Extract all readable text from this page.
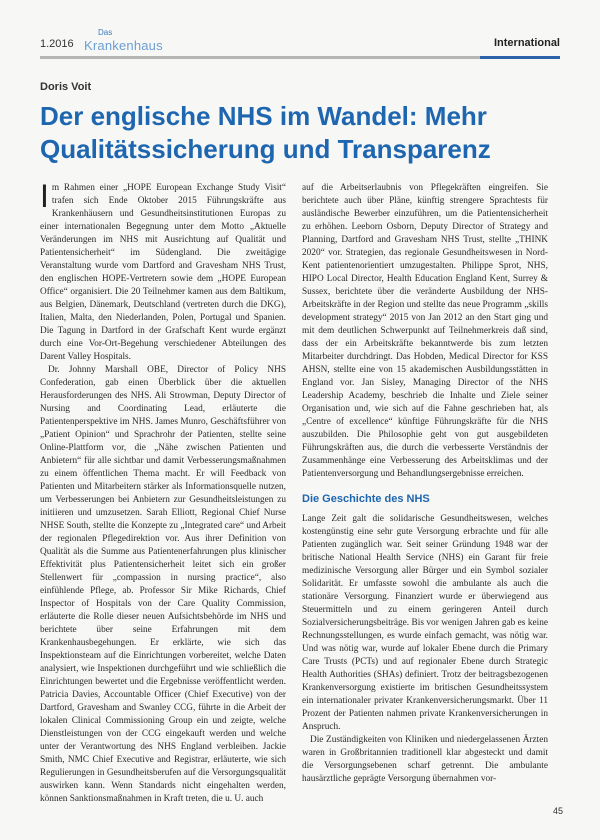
1.2016
Das
Krankenhaus	International
Doris Voit
Der englische NHS im Wandel: Mehr Qualitätssicherung und Transparenz

Im Rahmen einer „HOPE European Exchange Study Visit“ trafen sich Ende Oktober 2015 Führungskräfte aus Krankenhäusern und Gesundheitsinstitutionen Europas zu einer internationalen Begegnung unter dem Motto „Aktuelle Veränderungen im NHS mit Ausrichtung auf Qualität und Patientensicherheit“ im Südengland. Die zweitägige Veranstaltung wurde vom Dartford and Gravesham NHS Trust, den englischen HOPE-Vertretern sowie dem „HOPE European Office“ organisiert. Die 20 Teilnehmer kamen aus dem Baltikum, aus Belgien, Dänemark, Deutschland (vertreten durch die DKG), Italien, Malta, den Niederlanden, Polen, Portugal und Spanien. Die Tagung in Dartford in der Grafschaft Kent wurde ergänzt durch eine Vor-Ort-Begehung verschiedener Abteilungen des Darent Valley Hospitals.

Dr. Johnny Marshall OBE, Director of Policy NHS Confederation, gab einen Überblick über die aktuellen Herausforderungen des NHS. Ali Strowman, Deputy Director of Nursing and Coordinating Lead, erläuterte die Patientenperspektive im NHS. James Munro, Geschäftsführer von „Patient Opinion“ und Sprachrohr der Patienten, stellte seine Online-Plattform vor, die „Nähe zwischen Patienten und Anbietern“ für alle sichtbar und damit Verbesserungsmaßnahmen zu einem öffentlichen Thema macht. Er will Feedback von Patienten und Mitarbeitern stärker als Informationsquelle nutzen, um Verbesserungen bei Anbietern zur Gesundheitsleistungen zu initiieren und umzusetzen. Sarah Elliott, Regional Chief Nurse NHSE South, stellte die Konzepte zu „Integrated care“ und Arbeit der regionalen Pflegedirektion vor. Aus ihrer Definition von Qualität als die Summe aus Patientenerfahrungen plus klinischer Effektivität plus Patientensicherheit leitet sich ein großer Stellenwert für „compassion in nursing practice“, also einfühlende Pflege, ab. Professor Sir Mike Richards, Chief Inspector of Hospitals von der Care Quality Commission, erläuterte die Rolle dieser neuen Aufsichtsbehörde im NHS und berichtete über seine Erfahrungen mit dem Krankenhausbegehungen. Er erklärte, wie sich das Inspektionsteam auf die Einrichtungen vorbereitet, welche Daten analysiert, wie Inspektionen durchgeführt und wie schließlich die Einrichtungen bewertet und die Ergebnisse veröffentlicht werden. Patricia Davies, Accountable Officer (Chief Executive) von der Dartford, Gravesham and Swanley CCG, führte in die Arbeit der lokalen Clinical Commissioning Group ein und zeigte, welche Dienstleistungen von der CCG eingekauft werden und welche unter der Verantwortung des NHS England verbleiben. Jackie Smith, NMC Chief Executive and Registrar, erläuterte, wie sich Regulierungen in Gesundheitsberufen auf die Versorgungsqualität auswirken kann. Wenn Standards nicht eingehalten werden, können Sanktionsmaßnahmen in Kraft treten, die u. U. auch

auf die Arbeitserlaubnis von Pflegekräften eingreifen. Sie berichtete auch über Pläne, künftig strengere Sprachtests für ausländische Bewerber einzuführen, um die Patientensicherheit zu erhöhen. Leeborn Osborn, Deputy Director of Strategy and Planning, Dartford and Gravesham NHS Trust, stellte „THINK 2020“ vor. Strategien, das regionale Gesundheitswesen in Nord-Kent patientenorientiert umzugestalten. Philippe Sprot, NHS, HIPO Local Director, Health Education England Kent, Surrey & Sussex, berichtete über die veränderte Ausbildung der NHS-Arbeitskräfte in der Region und stellte das neue Programm „skills development strategy“ 2015 von Jan 2012 an den Start ging und mit dem deutlichen Schwerpunkt auf Teilnehmerkreis daß sind, dass der ein Arbeitskräfte bekanntwerde bis zum letzten Mitarbeiter durchdringt. Das Hobden, Medical Director for KSS AHSN, stellte eine von 15 akademischen Ausbildungsstätten in England vor. Jan Sisley, Managing Director of the NHS Leadership Academy, beschrieb die Inhalte und Ziele seiner Organisation und, wie sich auf die Fahne geschrieben hat, als „Centre of excellence“ künftige Führungskräfte für die NHS auszubilden. Die Philosophie geht von gut ausgebildeten Führungskräften aus, die durch die verbesserte Verständnis der Zusammenhänge eine Verbesserung des Arbeitsklimas und der Patientenversorgung und Behandlungsergebnisse erreichen.

Die Geschichte des NHS

Lange Zeit galt die solidarische Gesundheitswesen, welches kostengünstig eine sehr gute Versorgung erbrachte und für alle Patienten zugänglich war. Seit seiner Gründung 1948 war der britische National Health Service (NHS) ein Garant für freie medizinische Versorgung aller Bürger und ein Symbol sozialer Solidarität. Er umfasste sowohl die ambulante als auch die stationäre Versorgung. Finanziert wurde er überwiegend aus Steuermitteln und zu einem geringeren Anteil durch Sozialversicherungsbeiträge. Bis vor wenigen Jahren gab es keine Rechnungsstellungen, es wurde einfach gemacht, was nötig war. Und was nötig war, wurde auf lokaler Ebene durch die Primary Care Trusts (PCTs) und auf regionaler Ebene durch Strategic Health Authorities (SHAs) definiert. Trotz der beitragsbezogenen Krankenversorgung existierte im britischen Gesundheitssystem ein internationaler privater Krankenversicherungsmarkt. Über 11 Prozent der Patienten nahmen private Krankenversicherungen in Anspruch.

Die Zuständigkeiten von Kliniken und niedergelassenen Ärzten waren in Großbritannien traditionell klar abgesteckt und damit die Versorgungsebenen scharf getrennt. Die ambulante hausärztliche geprägte Versorgung übernahmen vor-

45
